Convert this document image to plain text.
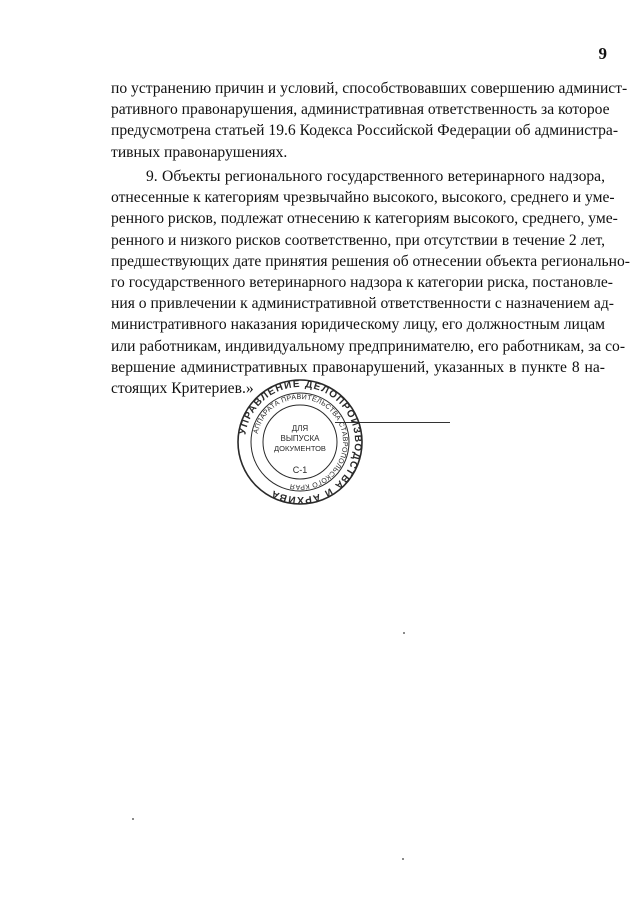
9
по устранению причин и условий, способствовавших совершению админист-
ративного правонарушения, административная ответственность за которое
предусмотрена статьей 19.6 Кодекса Российской Федерации об администра-
тивных правонарушениях.
9. Объекты регионального государственного ветеринарного надзора,
отнесенные к категориям чрезвычайно высокого, высокого, среднего и уме-
ренного рисков, подлежат отнесению к категориям высокого, среднего, уме-
ренного и низкого рисков соответственно, при отсутствии в течение 2 лет,
предшествующих дате принятия решения об отнесении объекта регионально-
го государственного ветеринарного надзора к категории риска, постановле-
ния о привлечении к административной ответственности с назначением ад-
министративного наказания юридическому лицу, его должностным лицам
или работникам, индивидуальному предпринимателю, его работникам, за со-
вершение административных правонарушений, указанных в пункте 8 на-
стоящих Критериев.»
УПРАВЛЕНИЕ ДЕЛОПРОИЗВОДСТВА И АРХИВА
АППАРАТА ПРАВИТЕЛЬСТВА СТАВРОПОЛЬСКОГО КРАЯ
ДЛЯ
ВЫПУСКА
ДОКУМЕНТОВ
С-1
